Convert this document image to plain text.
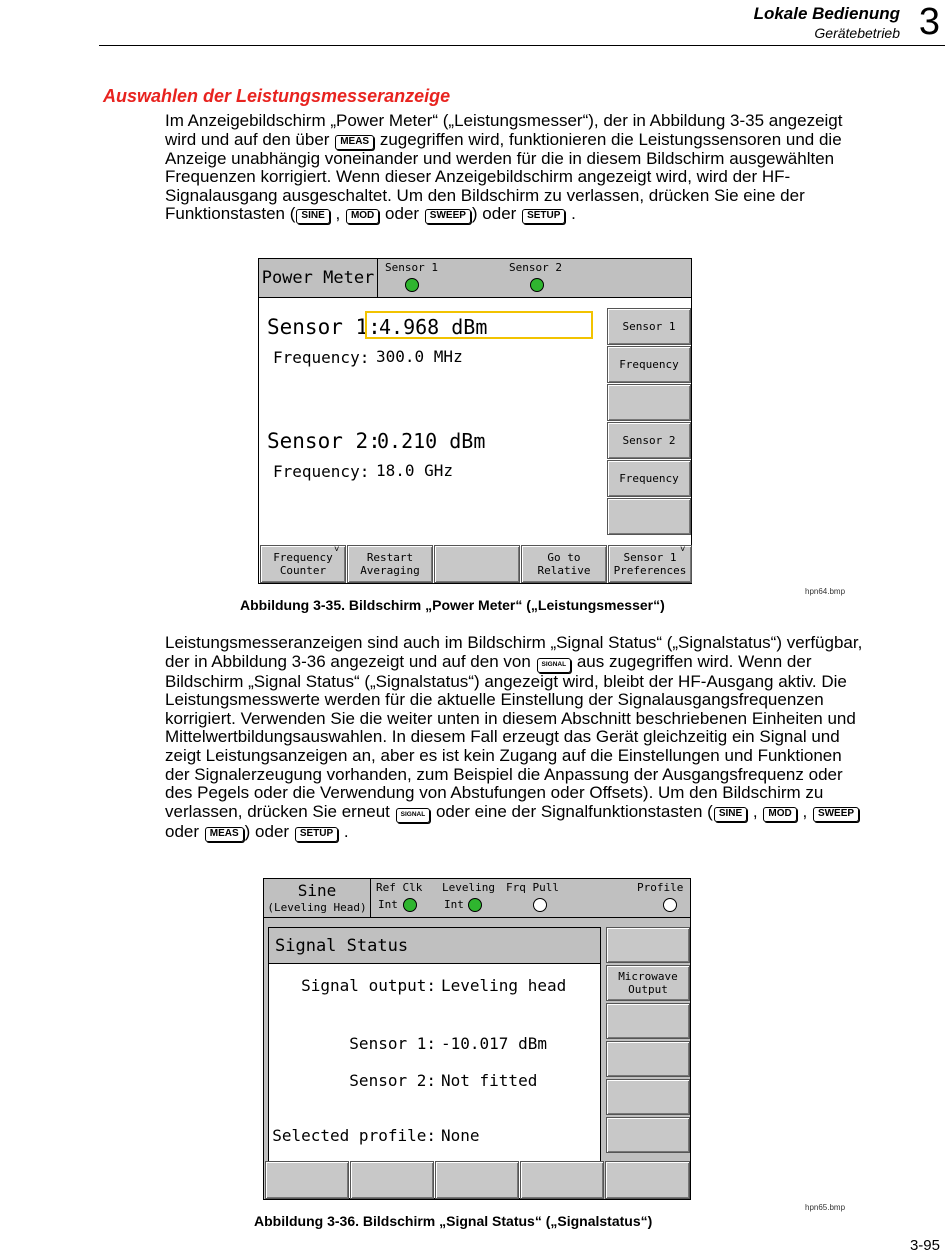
Lokale Bedienung
Gerätebetrieb 3
Auswahlen der Leistungsmesseranzeige
Im Anzeigebildschirm „Power Meter“ („Leistungsmesser“), der in Abbildung 3-35 angezeigt wird und auf den über MEAS zugegriffen wird, funktionieren die Leistungssensoren und die Anzeige unabhängig voneinander und werden für die in diesem Bildschirm ausgewählten Frequenzen korrigiert. Wenn dieser Anzeigebildschirm angezeigt wird, wird der HF-Signalausgang ausgeschaltet. Um den Bildschirm zu verlassen, drücken Sie eine der Funktionstasten ( SINE , MOD oder SWEEP ) oder SETUP .
Power Meter
Sensor 1	Sensor 2
Sensor 1:
4.968 dBm
Frequency: 300.0 MHz
Sensor 2:
0.210 dBm
Frequency: 18.0 GHz
Sensor 1
Frequency
Sensor 2
Frequency
Frequency
Counter
˅
Restart
Averaging
Go to
Relative
Sensor 1
Preferences
˅
hpn64.bmp
Abbildung 3-35. Bildschirm „Power Meter“ („Leistungsmesser“)
Leistungsmesseranzeigen sind auch im Bildschirm „Signal Status“ („Signalstatus“) verfügbar, der in Abbildung 3-36 angezeigt und auf den von SIGNAL aus zugegriffen wird. Wenn der Bildschirm „Signal Status“ („Signalstatus“) angezeigt wird, bleibt der HF-Ausgang aktiv. Die Leistungsmesswerte werden für die aktuelle Einstellung der Signalausgangsfrequenzen korrigiert. Verwenden Sie die weiter unten in diesem Abschnitt beschriebenen Einheiten und Mittelwertbildungsauswahlen. In diesem Fall erzeugt das Gerät gleichzeitig ein Signal und zeigt Leistungsanzeigen an, aber es ist kein Zugang auf die Einstellungen und Funktionen der Signalerzeugung vorhanden, zum Beispiel die Anpassung der Ausgangsfrequenz oder des Pegels oder die Verwendung von Abstufungen oder Offsets). Um den Bildschirm zu verlassen, drücken Sie erneut SIGNAL oder eine der Signalfunktionstasten ( SINE , MOD , SWEEP oder MEAS ) oder SETUP .
Sine
(Leveling Head)
Ref Clk
Int
Leveling
Int
Frq Pull	Profile
Signal Status
Signal output: Leveling head
Sensor 1: -10.017 dBm
Sensor 2: Not fitted
Selected profile: None
Microwave
Output
hpn65.bmp
Abbildung 3-36. Bildschirm „Signal Status“ („Signalstatus“)
3-95
